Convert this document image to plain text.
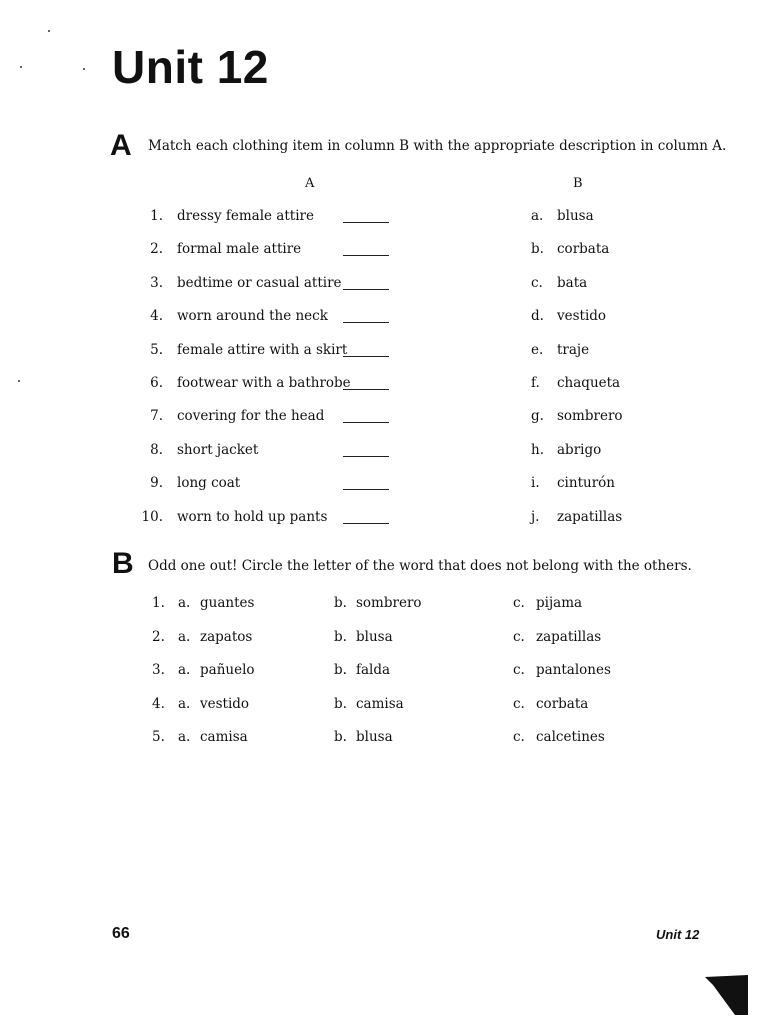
Unit 12
A Match each clothing item in column B with the appropriate description in column A.
A	B
1. dressy female attire	a. blusa
2. formal male attire	b. corbata
3. bedtime or casual attire	c. bata
4. worn around the neck	d. vestido
5. female attire with a skirt	e. traje
6. footwear with a bathrobe	f. chaqueta
7. covering for the head	g. sombrero
8. short jacket	h. abrigo
9. long coat	i. cinturón
10. worn to hold up pants	j. zapatillas
B Odd one out! Circle the letter of the word that does not belong with the others.
1. a. guantes	b. sombrero	c. pijama
2. a. zapatos	b. blusa	c. zapatillas
3. a. pañuelo	b. falda	c. pantalones
4. a. vestido	b. camisa	c. corbata
5. a. camisa	b. blusa	c. calcetines
66	Unit 12
